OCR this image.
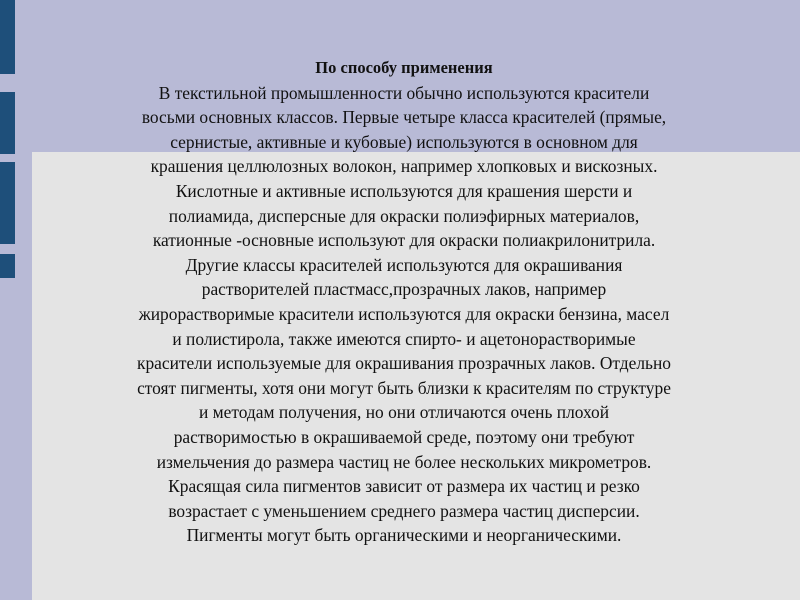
По способу применения
В текстильной промышленности обычно используются красители
восьми основных классов. Первые четыре класса красителей (прямые,
сернистые, активные и кубовые) используются в основном для
крашения целлюлозных волокон, например хлопковых и вискозных.
Кислотные и активные используются для крашения шерсти и
полиамида, дисперсные для окраски полиэфирных материалов,
катионные -основные используют для окраски полиакрилонитрила.
Другие классы красителей используются для окрашивания
растворителей пластмасс,прозрачных лаков, например
жирорастворимые красители используются для окраски бензина, масел
и полистирола, также имеются спирто- и ацетонорастворимые
красители используемые для окрашивания прозрачных лаков. Отдельно
стоят пигменты, хотя они могут быть близки к красителям по структуре
и методам получения, но они отличаются очень плохой
растворимостью в окрашиваемой среде, поэтому они требуют
измельчения до размера частиц не более нескольких микрометров.
Красящая сила пигментов зависит от размера их частиц и резко
возрастает с уменьшением среднего размера частиц дисперсии.
Пигменты могут быть органическими и неорганическими.
